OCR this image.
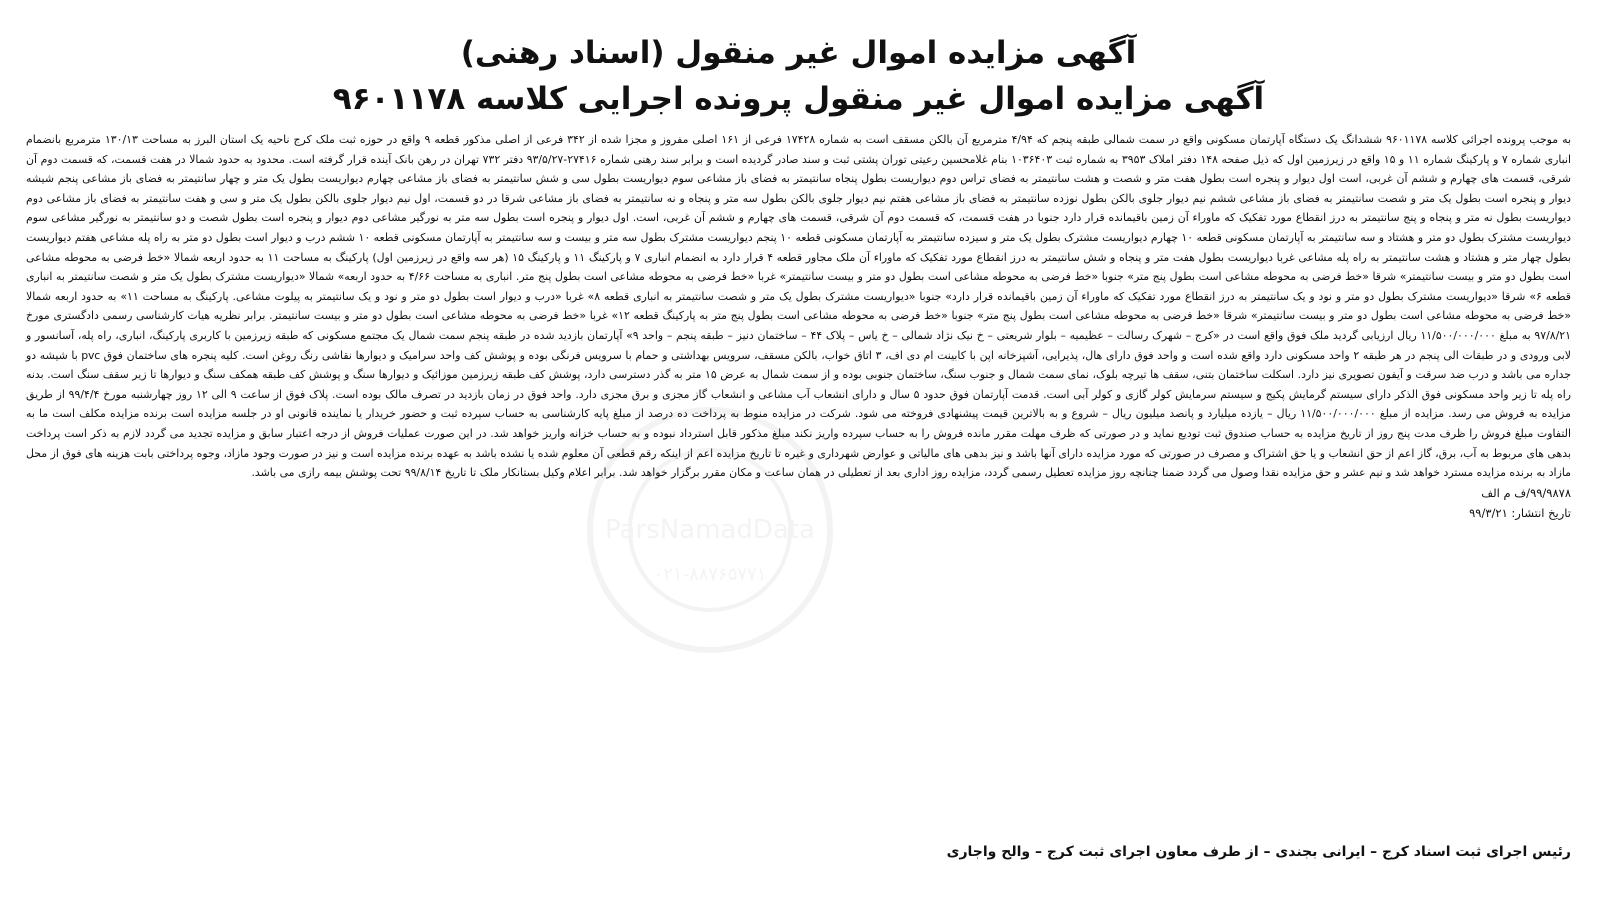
آگهی مزایده اموال غیر منقول (اسناد رهنی)
آگهی مزایده اموال غیر منقول پرونده اجرایی کلاسه ۹۶۰۱۱۷۸

به موجب پرونده اجرائی کلاسه ۹۶۰۱۱۷۸ ششدانگ یک دستگاه آپارتمان مسکونی واقع در سمت شمالی طبقه پنجم که ۴/۹۴ مترمربع آن بالکن مسقف است به شماره ۱۷۴۲۸ فرعی از ۱۶۱ اصلی مفروز و مجزا شده از ۳۴۲ فرعی از اصلی مذکور قطعه ۹ واقع در حوزه ثبت ملک کرج ناحیه یک استان البرز به مساحت ۱۳۰/۱۳ مترمربع بانضمام انباری شماره ۷ و پارکینگ شماره ۱۱ و ۱۵ واقع در زیرزمین اول که ذیل صفحه ۱۴۸ دفتر املاک ۳۹۵۳ به شماره ثبت ۱۰۳۶۴۰۳ بنام غلامحسین رعیتی توران پشتی ثبت و سند صادر گردیده است و برابر سند رهنی شماره ۲۷۴۱۶-۹۳/۵/۲۷ دفتر ۷۳۲ تهران در رهن بانک آینده قرار گرفته است. محدود به حدود شمالا در هفت قسمت، که قسمت دوم آن شرقی، قسمت های چهارم و ششم آن غربی، است اول دیوار و پنجره است بطول هفت متر و شصت و هشت سانتیمتر به فضای تراس دوم دیواریست بطول پنجاه سانتیمتر به فضای باز مشاعی سوم دیواریست بطول سی و شش سانتیمتر به فضای باز مشاعی چهارم دیواریست بطول یک متر و چهار سانتیمتر به فضای باز مشاعی پنجم شیشه دیوار و پنجره است بطول یک متر و شصت سانتیمتر به فضای باز مشاعی ششم نیم دیوار جلوی بالکن بطول نوزده سانتیمتر به فضای باز مشاعی هفتم نیم دیوار جلوی بالکن بطول سه متر و پنجاه و نه سانتیمتر به فضای باز مشاعی شرقا در دو قسمت، اول نیم دیوار جلوی بالکن بطول یک متر و سی و هفت سانتیمتر به فضای باز مشاعی دوم دیواریست بطول نه متر و پنجاه و پنج سانتیمتر به درز انقطاع مورد تفکیک که ماوراء آن زمین باقیمانده قرار دارد جنوبا در هفت قسمت، که قسمت دوم آن شرقی، قسمت های چهارم و ششم آن غربی، است. اول دیوار و پنجره است بطول سه متر به نورگیر مشاعی دوم دیوار و پنجره است بطول شصت و دو سانتیمتر به نورگیر مشاعی سوم دیواریست مشترک بطول دو متر و هشتاد و سه سانتیمتر به آپارتمان مسکونی قطعه ۱۰ چهارم دیواریست مشترک بطول یک متر و سیزده سانتیمتر به آپارتمان مسکونی قطعه ۱۰ پنجم دیواریست مشترک بطول سه متر و بیست و سه سانتیمتر به آپارتمان مسکونی قطعه ۱۰ ششم درب و دیوار است بطول دو متر به راه پله مشاعی هفتم دیواریست بطول چهار متر و هشتاد و هشت سانتیمتر به راه پله مشاعی غربا دیواریست بطول هفت متر و پنجاه و شش سانتیمتر به درز انقطاع مورد تفکیک که ماوراء آن ملک مجاور قطعه ۴ قرار دارد به انضمام انباری ۷ و پارکینگ ۱۱ و پارکینگ ۱۵ (هر سه واقع در زیرزمین اول) پارکینگ به مساحت ۱۱ به حدود اربعه شمالا «خط فرضی به محوطه مشاعی است بطول دو متر و بیست سانتیمتر» شرقا «خط فرضی به محوطه مشاعی است بطول پنج متر» جنوبا «خط فرضی به محوطه مشاعی است بطول دو متر و بیست سانتیمتر» غربا «خط فرضی به محوطه مشاعی است بطول پنج متر. انباری به مساحت ۴/۶۶ به حدود اربعه» شمالا «دیواریست مشترک بطول یک متر و شصت سانتیمتر به انباری قطعه ۶» شرقا «دیواریست مشترک بطول دو متر و نود و یک سانتیمتر به درز انقطاع مورد تفکیک که ماوراء آن زمین باقیمانده قرار دارد» جنوبا «دیواریست مشترک بطول یک متر و شصت سانتیمتر به انباری قطعه ۸» غربا «درب و دیوار است بطول دو متر و نود و یک سانتیمتر به پیلوت مشاعی. پارکینگ به مساحت ۱۱» به حدود اربعه شمالا «خط فرضی به محوطه مشاعی است بطول دو متر و بیست سانتیمتر» شرقا «خط فرضی به محوطه مشاعی است بطول پنج متر» جنوبا «خط فرضی به محوطه مشاعی است بطول پنج متر به پارکینگ قطعه ۱۲» غربا «خط فرضی به محوطه مشاعی است بطول دو متر و بیست سانتیمتر. برابر نظریه هیات کارشناسی رسمی دادگستری مورخ ۹۷/۸/۲۱ به مبلغ ۱۱/۵۰۰/۰۰۰/۰۰۰ ریال ارزیابی گردید ملک فوق واقع است در «کرج – شهرک رسالت – عظیمیه – بلوار شریعتی – خ نیک نژاد شمالی – خ یاس – پلاک ۴۴ – ساختمان دنیز – طبقه پنجم – واحد ۹» آپارتمان بازدید شده در طبقه پنجم سمت شمال یک مجتمع مسکونی که طبقه زیرزمین با کاربری پارکینگ، انباری، راه پله، آسانسور و لابی ورودی و در طبقات الی پنجم در هر طبقه ۲ واحد مسکونی دارد واقع شده است و واحد فوق دارای هال، پذیرایی، آشپزخانه اپن با کابینت ام دی اف، ۳ اتاق خواب، بالکن مسقف، سرویس بهداشتی و حمام با سرویس فرنگی بوده و پوشش کف واحد سرامیک و دیوارها نقاشی رنگ روغن است. کلیه پنجره های ساختمان فوق pvc با شیشه دو جداره می باشد و درب ضد سرقت و آیفون تصویری نیز دارد. اسکلت ساختمان بتنی، سقف ها تیرچه بلوک، نمای سمت شمال و جنوب سنگ، ساختمان جنوبی بوده و از سمت شمال به عرض ۱۵ متر به گذر دسترسی دارد، پوشش کف طبقه زیرزمین موزائیک و دیوارها سنگ و پوشش کف طبقه همکف سنگ و دیوارها تا زیر سقف سنگ است. بدنه راه پله تا زیر واحد مسکونی فوق الذکر دارای سیستم گرمایش پکیج و سیستم سرمایش کولر گازی و کولر آبی است. قدمت آپارتمان فوق حدود ۵ سال و دارای انشعاب آب مشاعی و انشعاب گاز مجزی و برق مجزی دارد. واحد فوق در زمان بازدید در تصرف مالک بوده است. پلاک فوق از ساعت ۹ الی ۱۲ روز چهارشنبه مورخ ۹۹/۴/۴ از طریق مزایده به فروش می رسد. مزایده از مبلغ ۱۱/۵۰۰/۰۰۰/۰۰۰ ریال – یازده میلیارد و پانصد میلیون ریال – شروع و به بالاترین قیمت پیشنهادی فروخته می شود. شرکت در مزایده منوط به پرداخت ده درصد از مبلغ پایه کارشناسی به حساب سپرده ثبت و حضور خریدار یا نماینده قانونی او در جلسه مزایده است برنده مزایده مکلف است ما به التفاوت مبلغ فروش را ظرف مدت پنج روز از تاریخ مزایده به حساب صندوق ثبت تودیع نماید و در صورتی که ظرف مهلت مقرر مانده فروش را به حساب سپرده واریز نکند مبلغ مذکور قابل استرداد نبوده و به حساب خزانه واریز خواهد شد. در این صورت عملیات فروش از درجه اعتبار سابق و مزایده تجدید می گردد لازم به ذکر است پرداخت بدهی های مربوط به آب، برق، گاز اعم از حق انشعاب و یا حق اشتراک و مصرف در صورتی که مورد مزایده دارای آنها باشد و نیز بدهی های مالیاتی و عوارض شهرداری و غیره تا تاریخ مزایده اعم از اینکه رقم قطعی آن معلوم شده یا نشده باشد به عهده برنده مزایده است و نیز در صورت وجود مازاد، وجوه پرداختی بابت هزینه های فوق از محل مازاد به برنده مزایده مسترد خواهد شد و نیم عشر و حق مزایده نقدا وصول می گردد ضمنا چنانچه روز مزایده تعطیل رسمی گردد، مزایده روز اداری بعد از تعطیلی در همان ساعت و مکان مقرر برگزار خواهد شد. برابر اعلام وکیل بستانکار ملک تا تاریخ ۹۹/۸/۱۴ تحت پوشش بیمه رازی می باشد.

۹۹/۹۸۷۸/ف م الف

تاریخ انتشار: ۹۹/۳/۲۱

رئیس اجرای ثبت اسناد کرج – ایرانی بجندی – از طرف معاون اجرای ثبت کرج – والح واجاری
ParsNamadData
۰۲۱-۸۸۷۶۵۷۷۱
